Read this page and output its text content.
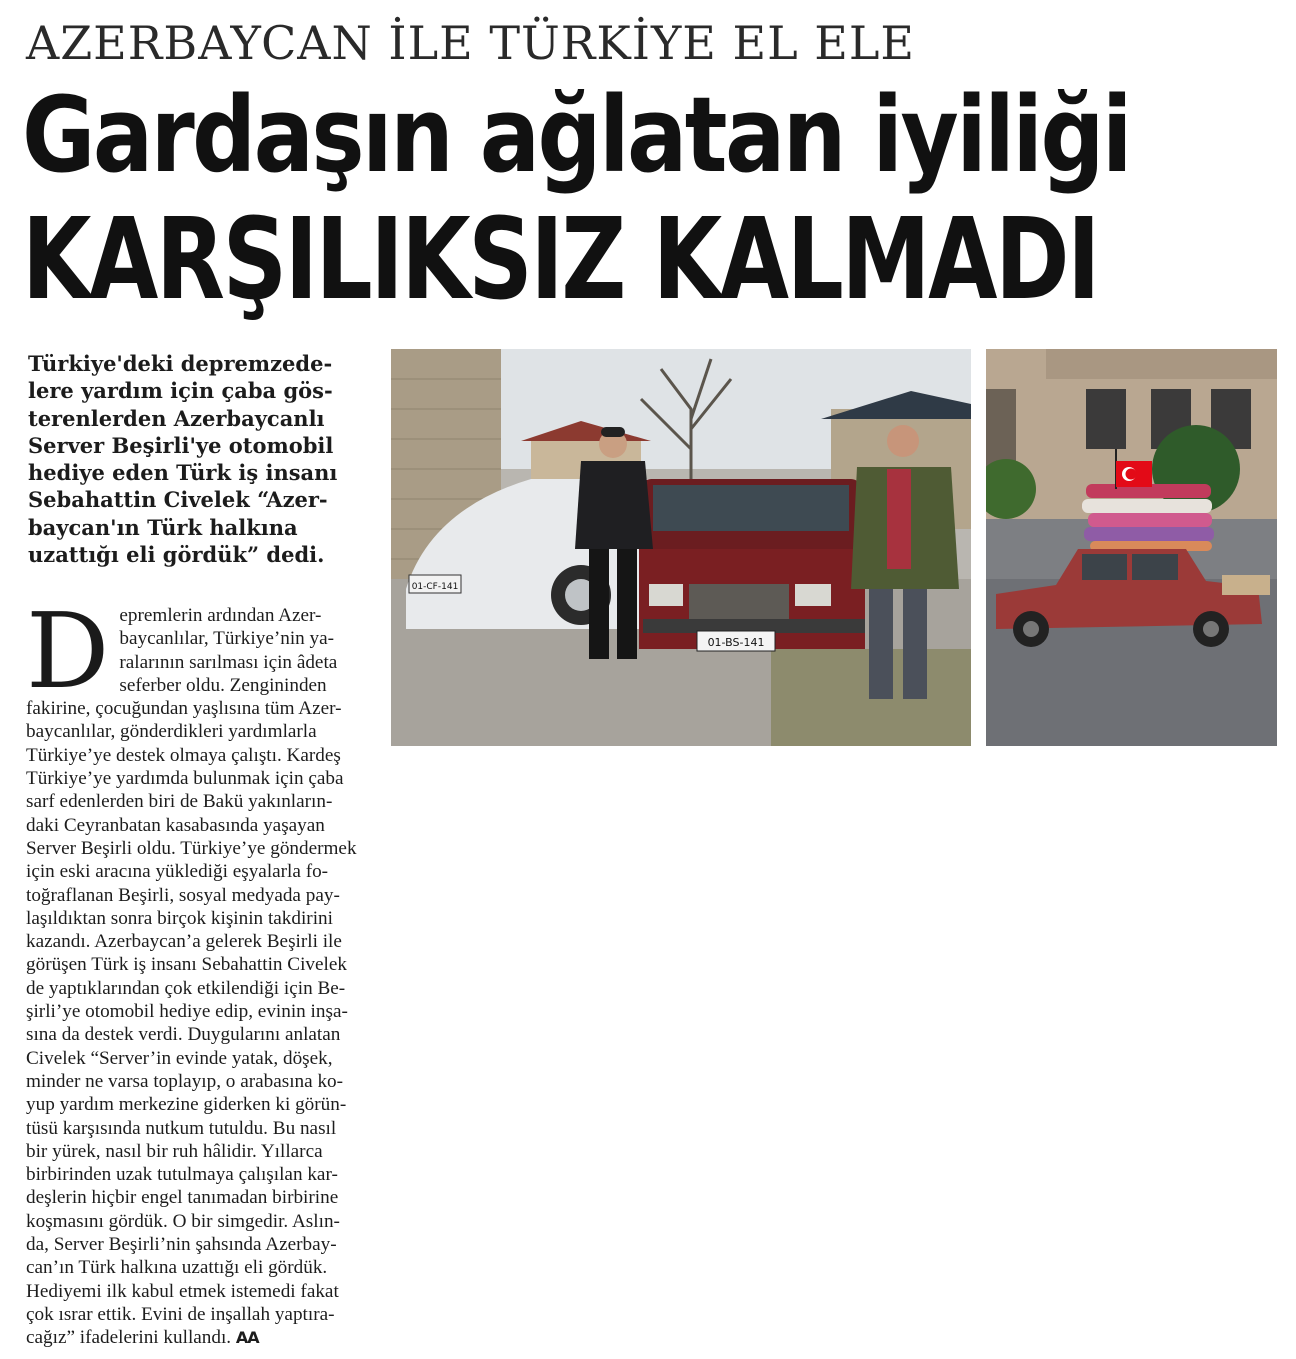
AZERBAYCAN İLE TÜRKİYE EL ELE
Gardaşın ağlatan iyiliği
KARŞILIKSIZ KALMADI

Türkiye'deki depremzede-
lere yardım için çaba gös-
terenlerden Azerbaycanlı
Server Beşirli'ye otomobil
hediye eden Türk iş insanı
Sebahattin Civelek “Azer-
baycan'ın Türk halkına
uzattığı eli gördük” dedi.

D epremlerin ardından Azer-
baycanlılar, Türkiye’nin ya-
ralarının sarılması için âdeta
seferber oldu. Zengininden
fakirine, çocuğundan yaşlısına tüm Azer-
baycanlılar, gönderdikleri yardımlarla
Türkiye’ye destek olmaya çalıştı. Kardeş
Türkiye’ye yardımda bulunmak için çaba
sarf edenlerden biri de Bakü yakınların-
daki Ceyranbatan kasabasında yaşayan
Server Beşirli oldu. Türkiye’ye göndermek
için eski aracına yüklediği eşyalarla fo-
toğraflanan Beşirli, sosyal medyada pay-
laşıldıktan sonra birçok kişinin takdirini
kazandı. Azerbaycan’a gelerek Beşirli ile
görüşen Türk iş insanı Sebahattin Civelek
de yaptıklarından çok etkilendiği için Be-
şirli’ye otomobil hediye edip, evinin inşa-
sına da destek verdi. Duygularını anlatan
Civelek “Server’in evinde yatak, döşek,
minder ne varsa toplayıp, o arabasına ko-
yup yardım merkezine giderken ki görün-
tüsü karşısında nutkum tutuldu. Bu nasıl
bir yürek, nasıl bir ruh hâlidir. Yıllarca
birbirinden uzak tutulmaya çalışılan kar-
deşlerin hiçbir engel tanımadan birbirine
koşmasını gördük. O bir simgedir. Aslın-
da, Server Beşirli’nin şahsında Azerbay-
can’ın Türk halkına uzattığı eli gördük.
Hediyemi ilk kabul etmek istemedi fakat
çok ısrar ettik. Evini de inşallah yaptıra-
cağız” ifadelerini kullandı. AA
01-CF-141
01-BS-141
